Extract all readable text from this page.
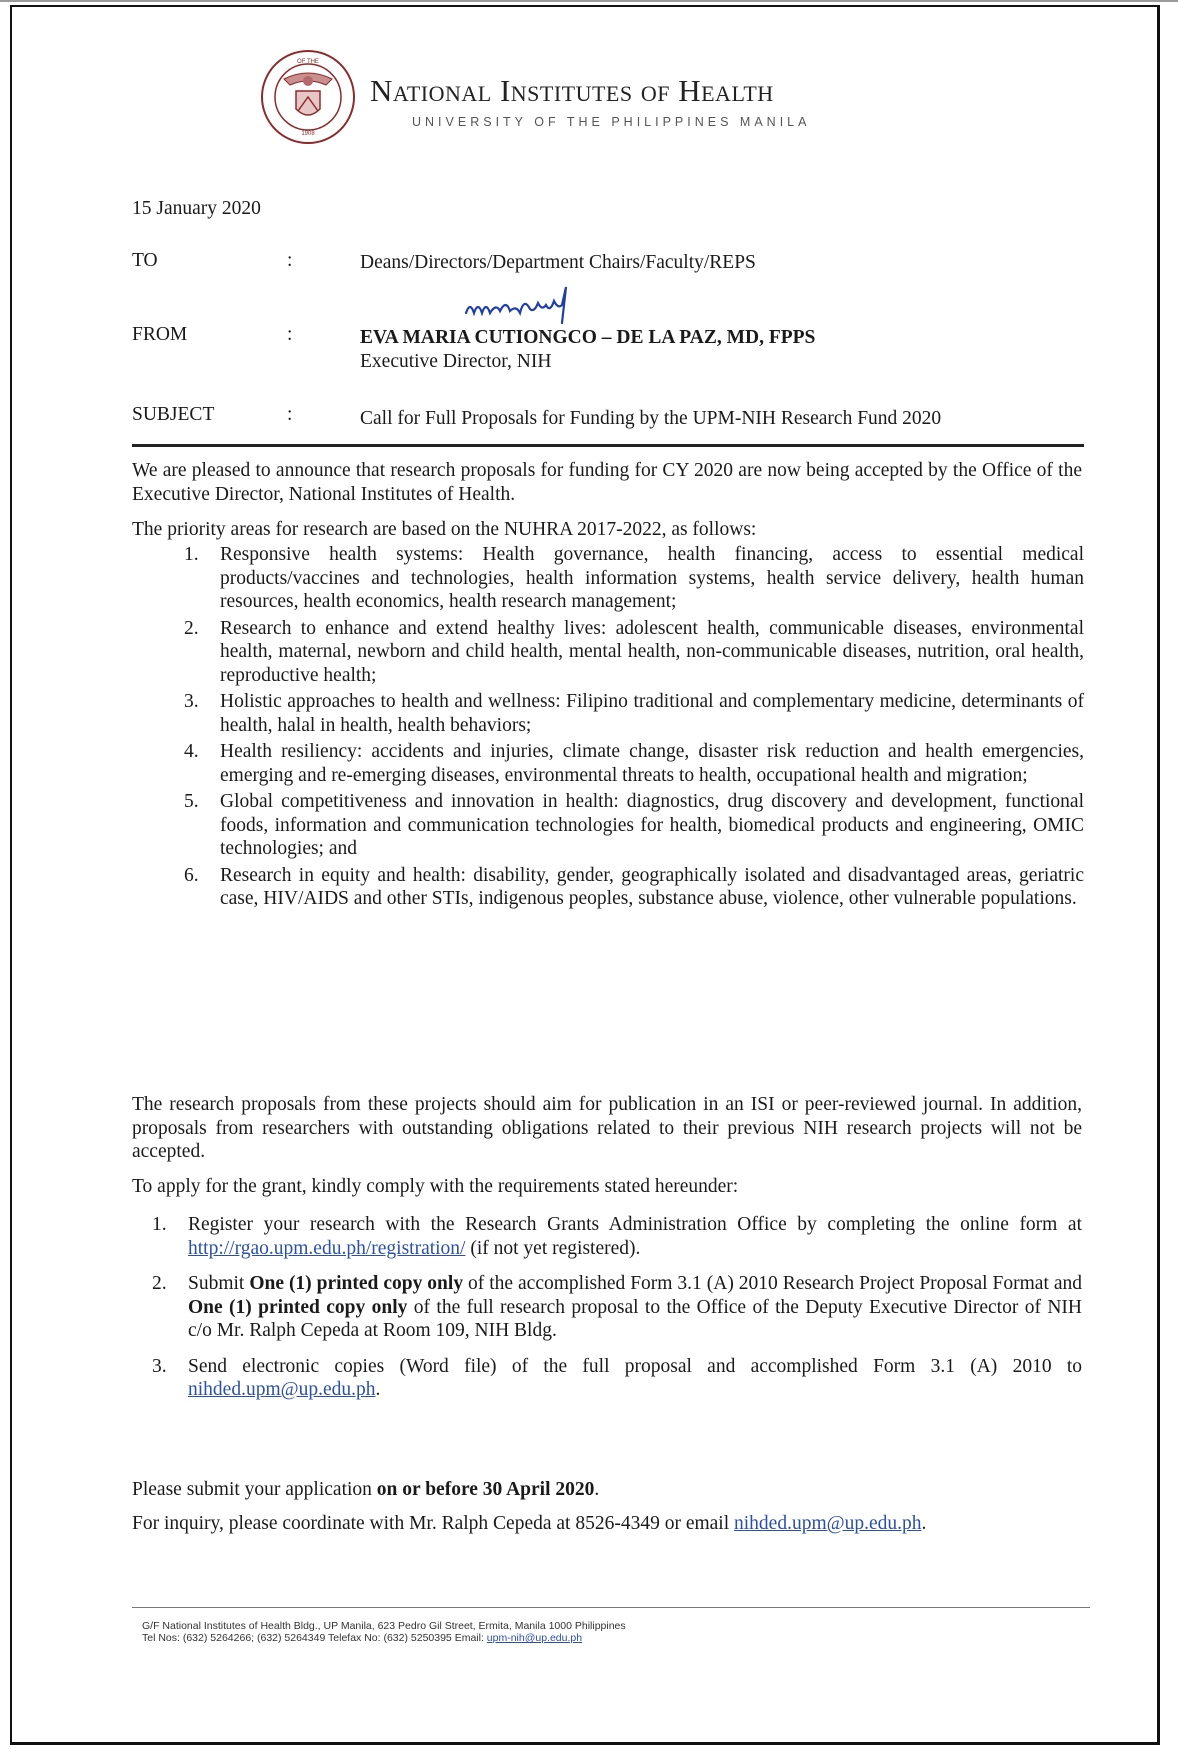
1908
OF THE
National Institutes of Health
UNIVERSITY OF THE PHILIPPINES MANILA
15 January 2020
TO	:	Deans/Directors/Department Chairs/Faculty/REPS
FROM	:	EVA MARIA CUTIONGCO – DE LA PAZ, MD, FPPS
Executive Director, NIH
SUBJECT	:	Call for Full Proposals for Funding by the UPM-NIH Research Fund 2020
We are pleased to announce that research proposals for funding for CY 2020 are now being accepted by the Office of the Executive Director, National Institutes of Health.
The priority areas for research are based on the NUHRA 2017-2022, as follows:
1. Responsive health systems: Health governance, health financing, access to essential medical products/vaccines and technologies, health information systems, health service delivery, health human resources, health economics, health research management;
2. Research to enhance and extend healthy lives: adolescent health, communicable diseases, environmental health, maternal, newborn and child health, mental health, non-communicable diseases, nutrition, oral health, reproductive health;
3. Holistic approaches to health and wellness: Filipino traditional and complementary medicine, determinants of health, halal in health, health behaviors;
4. Health resiliency: accidents and injuries, climate change, disaster risk reduction and health emergencies, emerging and re-emerging diseases, environmental threats to health, occupational health and migration;
5. Global competitiveness and innovation in health: diagnostics, drug discovery and development, functional foods, information and communication technologies for health, biomedical products and engineering, OMIC technologies; and
6. Research in equity and health: disability, gender, geographically isolated and disadvantaged areas, geriatric case, HIV/AIDS and other STIs, indigenous peoples, substance abuse, violence, other vulnerable populations.
The research proposals from these projects should aim for publication in an ISI or peer-reviewed journal. In addition, proposals from researchers with outstanding obligations related to their previous NIH research projects will not be accepted.
To apply for the grant, kindly comply with the requirements stated hereunder:
1. Register your research with the Research Grants Administration Office by completing the online form at http://rgao.upm.edu.ph/registration/ (if not yet registered).
2. Submit One (1) printed copy only of the accomplished Form 3.1 (A) 2010 Research Project Proposal Format and One (1) printed copy only of the full research proposal to the Office of the Deputy Executive Director of NIH c/o Mr. Ralph Cepeda at Room 109, NIH Bldg.
3. Send electronic copies (Word file) of the full proposal and accomplished Form 3.1 (A) 2010 to nihded.upm@up.edu.ph.
Please submit your application on or before 30 April 2020.
For inquiry, please coordinate with Mr. Ralph Cepeda at 8526-4349 or email nihded.upm@up.edu.ph.
G/F National Institutes of Health Bldg., UP Manila, 623 Pedro Gil Street, Ermita, Manila 1000 Philippines
Tel Nos: (632) 5264266; (632) 5264349 Telefax No: (632) 5250395 Email: upm-nih@up.edu.ph
